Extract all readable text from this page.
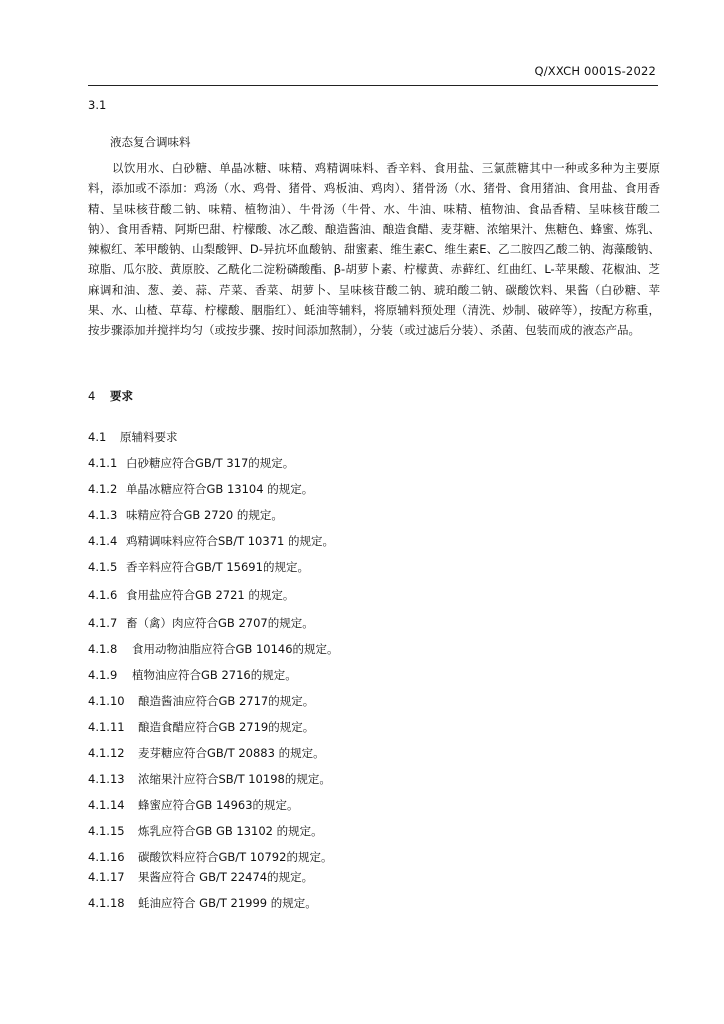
Q/XXCH 0001S-2022
3.1
液态复合调味料

以饮用水、白砂糖、单晶冰糖、味精、鸡精调味料、香辛料、食用盐、三氯蔗糖其中一种或多种为主要原料，添加或不添加：鸡汤（水、鸡骨、猪骨、鸡板油、鸡肉）、猪骨汤（水、猪骨、食用猪油、食用盐、食用香精、呈味核苷酸二钠、味精、植物油）、牛骨汤（牛骨、水、牛油、味精、植物油、食品香精、呈味核苷酸二钠）、食用香精、阿斯巴甜、柠檬酸、冰乙酸、酿造酱油、酿造食醋、麦芽糖、浓缩果汁、焦糖色、蜂蜜、炼乳、辣椒红、苯甲酸钠、山梨酸钾、D-异抗坏血酸钠、甜蜜素、维生素C、维生素E、乙二胺四乙酸二钠、海藻酸钠、琼脂、瓜尔胶、黄原胶、乙酰化二淀粉磷酸酯、β-胡萝卜素、柠檬黄、赤藓红、红曲红、L-苹果酸、花椒油、芝麻调和油、葱、姜、蒜、芹菜、香菜、胡萝卜、呈味核苷酸二钠、琥珀酸二钠、碳酸饮料、果酱（白砂糖、苹果、水、山楂、草莓、柠檬酸、胭脂红）、蚝油等辅料，将原辅料预处理（清洗、炒制、破碎等），按配方称重，按步骤添加并搅拌均匀（或按步骤、按时间添加熬制），分装（或过滤后分装）、杀菌、包装而成的液态产品。

4 要求
4.1 原辅料要求
4.1.1 白砂糖应符合GB/T 317的规定。
4.1.2 单晶冰糖应符合GB 13104 的规定。
4.1.3 味精应符合GB 2720 的规定。
4.1.4 鸡精调味料应符合SB/T 10371 的规定。
4.1.5 香辛料应符合GB/T 15691的规定。
4.1.6 食用盐应符合GB 2721 的规定。
4.1.7 畜（禽）肉应符合GB 2707的规定。
4.1.8 食用动物油脂应符合GB 10146的规定。
4.1.9 植物油应符合GB 2716的规定。
4.1.10 酿造酱油应符合GB 2717的规定。
4.1.11 酿造食醋应符合GB 2719的规定。
4.1.12 麦芽糖应符合GB/T 20883 的规定。
4.1.13 浓缩果汁应符合SB/T 10198的规定。
4.1.14 蜂蜜应符合GB 14963的规定。
4.1.15 炼乳应符合GB GB 13102 的规定。
4.1.16 碳酸饮料应符合GB/T 10792的规定。
4.1.17 果酱应符合 GB/T 22474的规定。
4.1.18 蚝油应符合 GB/T 21999 的规定。
